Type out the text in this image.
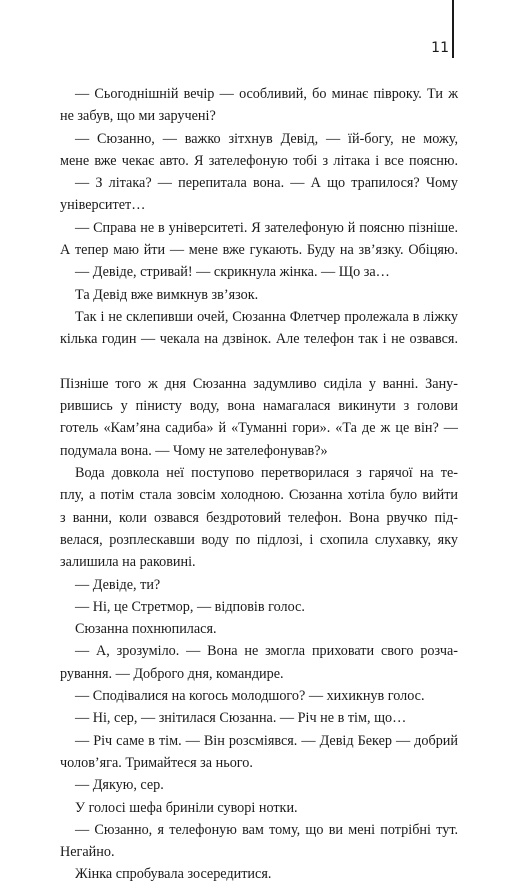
11
— Сьогоднішній вечір — особливий, бо минає півроку. Ти ж
не забув, що ми заручені?
— Сюзанно, — важко зітхнув Девід, — їй-богу, не можу,
мене вже чекає авто. Я зателефоную тобі з літака і все поясню.
— З літака? — перепитала вона. — А що трапилося? Чому
університет…
— Справа не в університеті. Я зателефоную й поясню пізніше.
А тепер маю йти — мене вже гукають. Буду на зв’язку. Обіцяю.
— Девіде, стривай! — скрикнула жінка. — Що за…
Та Девід вже вимкнув зв’язок.
Так і не склепивши очей, Сюзанна Флетчер пролежала в ліжку
кілька годин — чекала на дзвінок. Але телефон так і не озвався.
Пізніше того ж дня Сюзанна задумливо сиділа у ванні. Зану-
рившись у пінисту воду, вона намагалася викинути з голови
готель «Кам’яна садиба» й «Туманні гори». «Та де ж це він? —
подумала вона. — Чому не зателефонував?»
Вода довкола неї поступово перетворилася з гарячої на те-
плу, а потім стала зовсім холодною. Сюзанна хотіла було вийти
з ванни, коли озвався бездротовий телефон. Вона рвучко під-
велася, розплескавши воду по підлозі, і схопила слухавку, яку
залишила на раковині.
— Девіде, ти?
— Ні, це Стретмор, — відповів голос.
Сюзанна похнюпилася.
— А, зрозуміло. — Вона не змогла приховати свого розча-
рування. — Доброго дня, командире.
— Сподівалися на когось молодшого? — хихикнув голос.
— Ні, сер, — знітилася Сюзанна. — Річ не в тім, що…
— Річ саме в тім. — Він розсміявся. — Девід Бекер — добрий
чолов’яга. Тримайтеся за нього.
— Дякую, сер.
У голосі шефа бриніли суворі нотки.
— Сюзанно, я телефоную вам тому, що ви мені потрібні тут.
Негайно.
Жінка спробувала зосередитися.
